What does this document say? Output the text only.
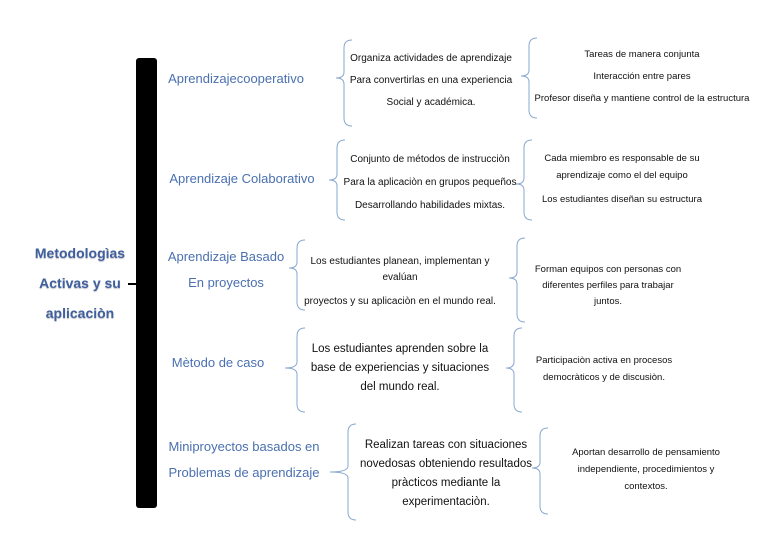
Metodologìas
Activas y su
aplicaciòn
Aprendizajecooperativo
Organiza actividades de aprendizaje
Para convertirlas en una experiencia
Social y académica.
Tareas de manera conjunta
Interacción entre pares
Profesor diseña y mantiene control de la estructura
Aprendizaje Colaborativo
Conjunto de métodos de instrucciòn
Para la aplicaciòn en grupos pequeños
Desarrollando habilidades mixtas.
Cada miembro es responsable de su
aprendizaje como el del equipo
Los estudiantes diseñan su estructura
Aprendizaje Basado
En proyectos
Los estudiantes planean, implementan y
evalúan
proyectos y su aplicaciòn en el mundo real.
Forman equipos con personas con
diferentes perfiles para trabajar
juntos.
Mètodo de caso
Los estudiantes aprenden sobre la
base de experiencias y situaciones
del mundo real.
Participaciòn activa en procesos
democràticos y de discusiòn.
Miniproyectos basados en
Problemas de aprendizaje
Realizan tareas con situaciones
novedosas obteniendo resultados
pràcticos mediante la
experimentaciòn.
Aportan desarrollo de pensamiento
independiente, procedimientos y
contextos.
